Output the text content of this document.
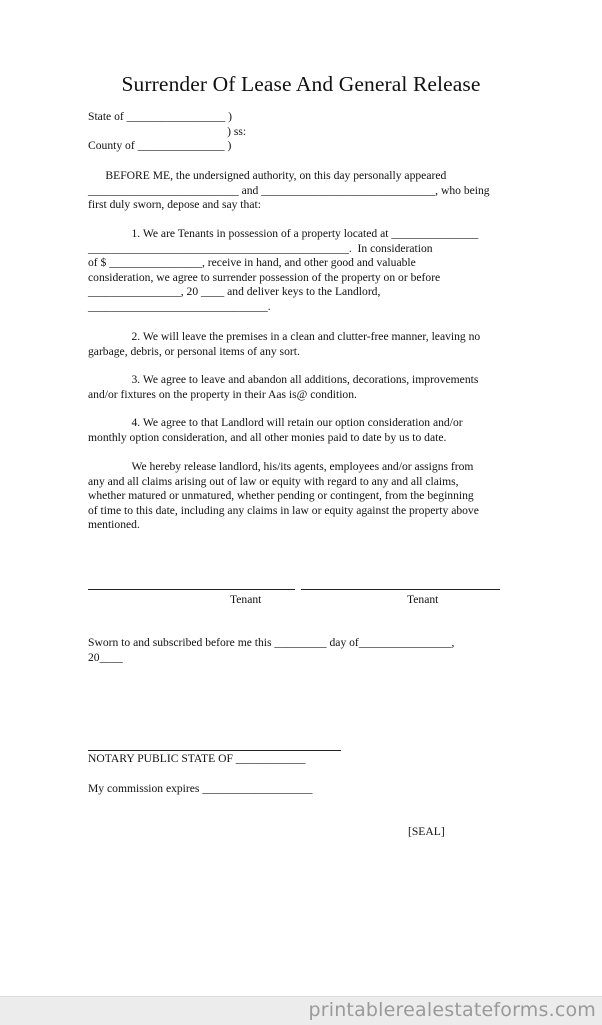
Surrender Of Lease And General Release
State of _________________ )
) ss:
County of _______________ )
BEFORE ME, the undersigned authority, on this day personally appeared
__________________________ and ______________________________, who being
first duly sworn, depose and say that:
1. We are Tenants in possession of a property located at _______________
_____________________________________________.  In consideration
of $ ________________, receive in hand, and other good and valuable
consideration, we agree to surrender possession of the property on or before
________________, 20 ____ and deliver keys to the Landlord,
_______________________________.
2. We will leave the premises in a clean and clutter-free manner, leaving no
garbage, debris, or personal items of any sort.
3. We agree to leave and abandon all additions, decorations, improvements
and/or fixtures on the property in their Aas is@ condition.
4. We agree to that Landlord will retain our option consideration and/or
monthly option consideration, and all other monies paid to date by us to date.
We hereby release landlord, his/its agents, employees and/or assigns from
any and all claims arising out of law or equity with regard to any and all claims,
whether matured or unmatured, whether pending or contingent, from the beginning
of time to this date, including any claims in law or equity against the property above
mentioned.
Tenant	Tenant
Sworn to and subscribed before me this _________ day of________________,
20____
NOTARY PUBLIC STATE OF ____________
My commission expires ___________________
[SEAL]
printablerealestateforms.com
